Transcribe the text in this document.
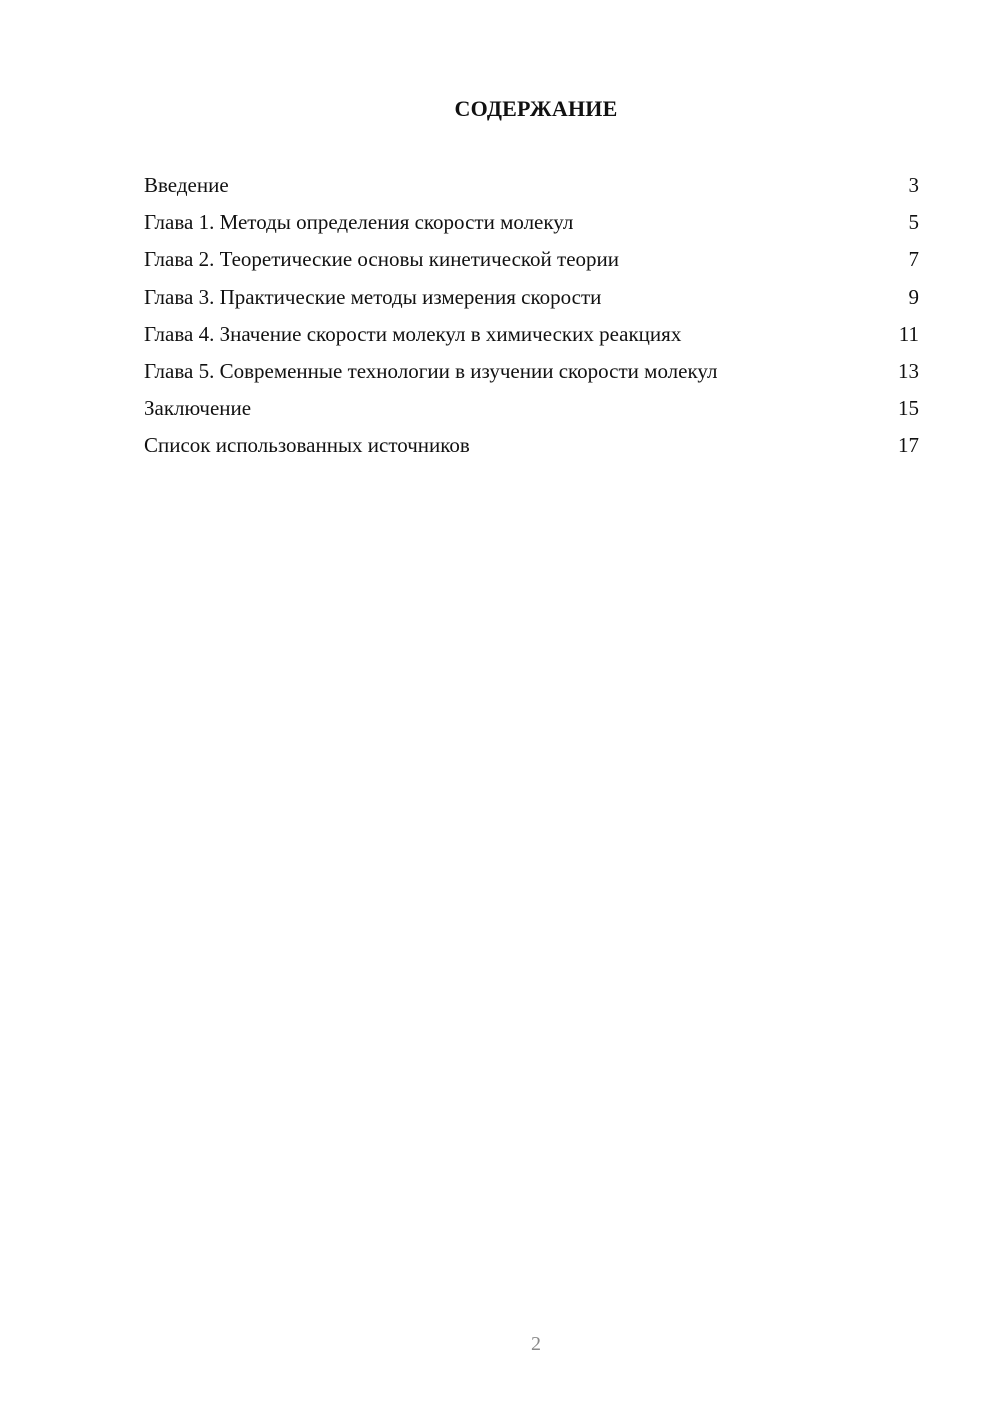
СОДЕРЖАНИЕ
Введение	3
Глава 1. Методы определения скорости молекул	5
Глава 2. Теоретические основы кинетической теории	7
Глава 3. Практические методы измерения скорости	9
Глава 4. Значение скорости молекул в химических реакциях	11
Глава 5. Современные технологии в изучении скорости молекул	13
Заключение	15
Список использованных источников	17
2
